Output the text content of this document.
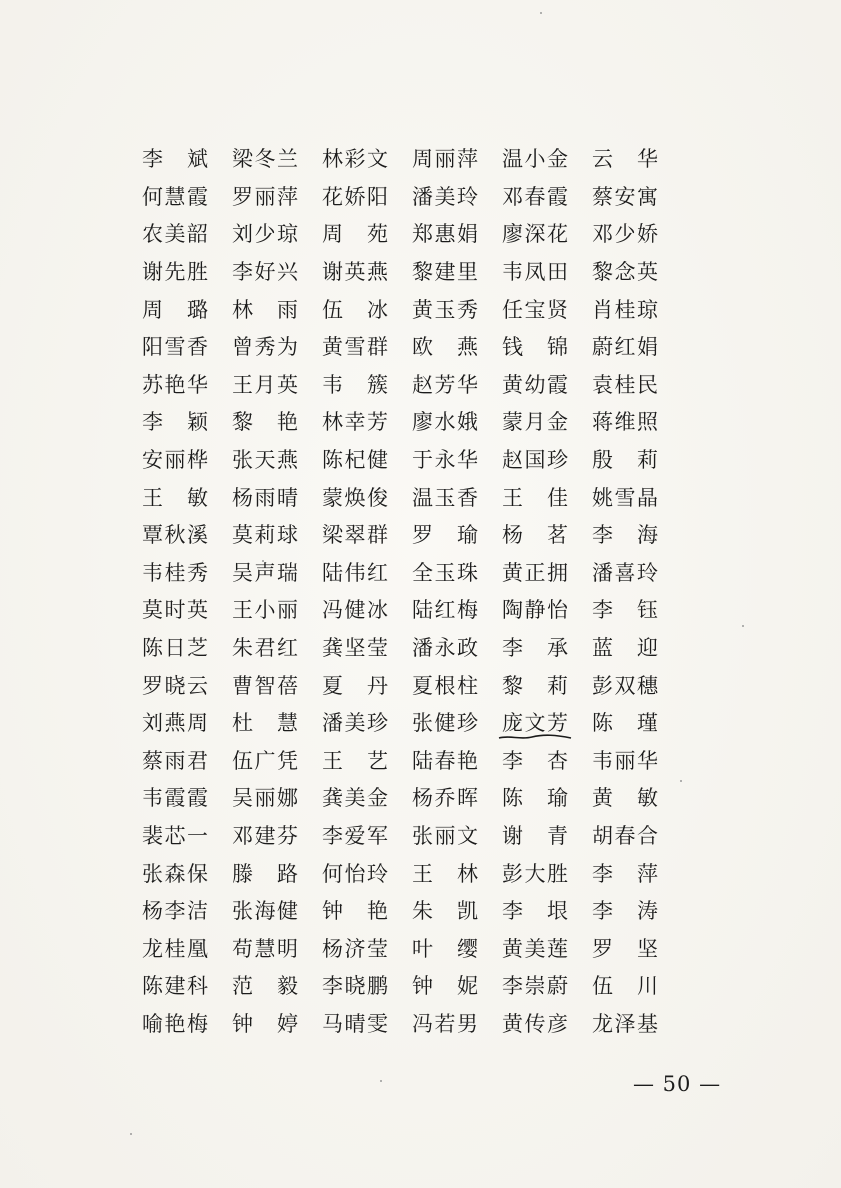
李 斌 梁 冬 兰 林 彩 文 周 丽 萍 温 小 金 云 华
何 慧 霞 罗 丽 萍 花 娇 阳 潘 美 玲 邓 春 霞 蔡 安 寓
农 美 韶 刘 少 琼 周 苑 郑 惠 娟 廖 深 花 邓 少 娇
谢 先 胜 李 好 兴 谢 英 燕 黎 建 里 韦 凤 田 黎 念 英
周 璐 林 雨 伍 冰 黄 玉 秀 任 宝 贤 肖 桂 琼
阳 雪 香 曾 秀 为 黄 雪 群 欧 燕 钱 锦 蔚 红 娟
苏 艳 华 王 月 英 韦 簇 赵 芳 华 黄 幼 霞 袁 桂 民
李 颖 黎 艳 林 幸 芳 廖 水 娥 蒙 月 金 蒋 维 照
安 丽 桦 张 天 燕 陈 杞 健 于 永 华 赵 国 珍 殷 莉
王 敏 杨 雨 晴 蒙 焕 俊 温 玉 香 王 佳 姚 雪 晶
覃 秋 溪 莫 莉 球 梁 翠 群 罗 瑜 杨 茗 李 海
韦 桂 秀 吴 声 瑞 陆 伟 红 全 玉 珠 黄 正 拥 潘 喜 玲
莫 时 英 王 小 丽 冯 健 冰 陆 红 梅 陶 静 怡 李 钰
陈 日 芝 朱 君 红 龚 坚 莹 潘 永 政 李 承 蓝 迎
罗 晓 云 曹 智 蓓 夏 丹 夏 根 柱 黎 莉 彭 双 穗
刘 燕 周 杜 慧 潘 美 珍 张 健 珍 庞 文 芳 陈 瑾
蔡 雨 君 伍 广 凭 王 艺 陆 春 艳 李 杏 韦 丽 华
韦 霞 霞 吴 丽 娜 龚 美 金 杨 乔 晖 陈 瑜 黄 敏
裴 芯 一 邓 建 芬 李 爱 军 张 丽 文 谢 青 胡 春 合
张 森 保 滕 路 何 怡 玲 王 林 彭 大 胜 李 萍
杨 李 洁 张 海 健 钟 艳 朱 凯 李 垠 李 涛
龙 桂 凰 苟 慧 明 杨 济 莹 叶 缨 黄 美 莲 罗 坚
陈 建 科 范 毅 李 晓 鹏 钟 妮 李 崇 蔚 伍 川
喻 艳 梅 钟 婷 马 晴 雯 冯 若 男 黄 传 彦 龙 泽 基
— 50 —
